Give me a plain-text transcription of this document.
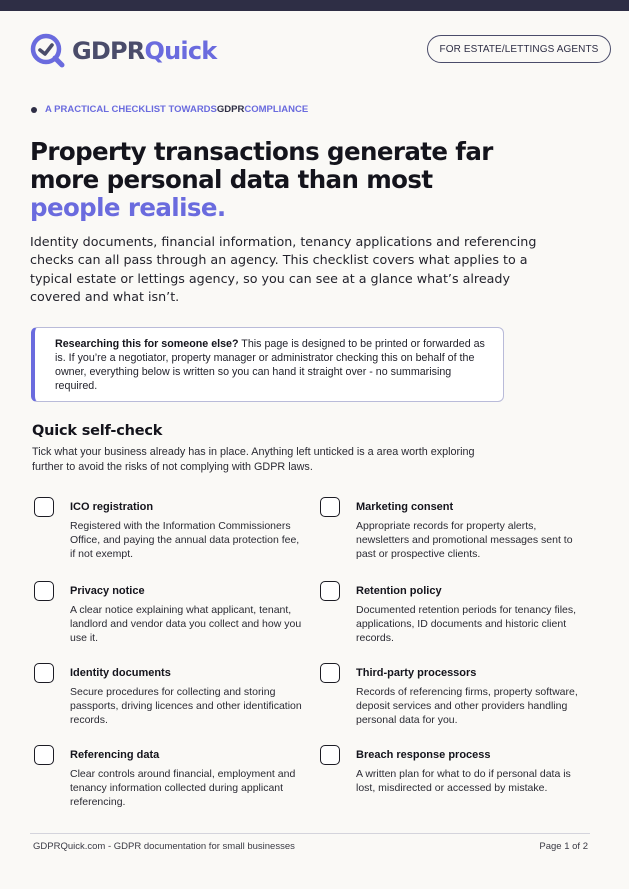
GDPRQuick	FOR ESTATE/LETTINGS AGENTS
A PRACTICAL CHECKLIST TOWARDS GDPR COMPLIANCE
Property transactions generate far
more personal data than most
people realise.

Identity documents, financial information, tenancy applications and referencing checks can all pass through an agency. This checklist covers what applies to a typical estate or lettings agency, so you can see at a glance what’s already covered and what isn’t.

Researching this for someone else? This page is designed to be printed or forwarded as is. If you’re a negotiator, property manager or administrator checking this on behalf of the owner, everything below is written so you can hand it straight over - no summarising required.
Quick self-check

Tick what your business already has in place. Anything left unticked is a area worth exploring further to avoid the risks of not complying with GDPR laws.

ICO registration
Registered with the Information Commissioners Office, and paying the annual data protection fee, if not exempt.
Marketing consent
Appropriate records for property alerts, newsletters and promotional messages sent to past or prospective clients.
Privacy notice
A clear notice explaining what applicant, tenant, landlord and vendor data you collect and how you use it.
Retention policy
Documented retention periods for tenancy files, applications, ID documents and historic client records.
Identity documents
Secure procedures for collecting and storing passports, driving licences and other identification records.
Third-party processors
Records of referencing firms, property software, deposit services and other providers handling personal data for you.
Referencing data
Clear controls around financial, employment and tenancy information collected during applicant referencing.
Breach response process
A written plan for what to do if personal data is lost, misdirected or accessed by mistake.
GDPRQuick.com - GDPR documentation for small businesses	Page 1 of 2
